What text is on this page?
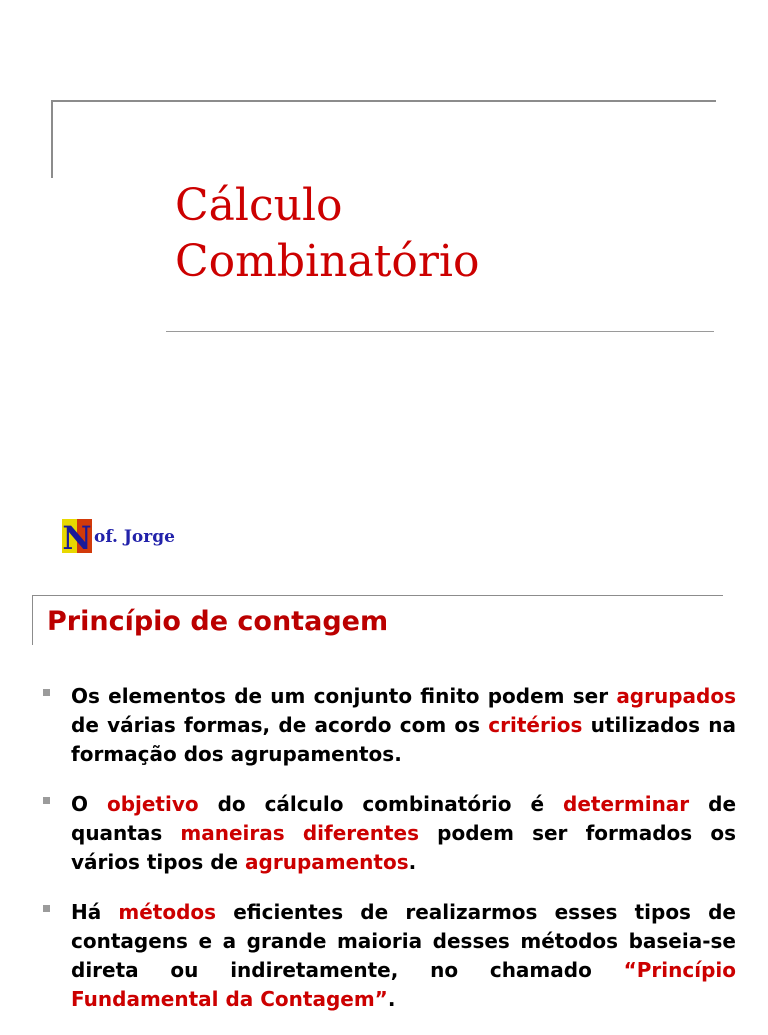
Cálculo
Combinatório
N of. Jorge
Princípio de contagem

Os elementos de um conjunto finito podem ser agrupados de várias formas, de acordo com os critérios utilizados na formação dos agrupamentos.

O objetivo do cálculo combinatório é determinar de quantas maneiras diferentes podem ser formados os vários tipos de agrupamentos.

Há métodos eficientes de realizarmos esses tipos de contagens e a grande maioria desses métodos baseia-se direta ou indiretamente, no chamado “Princípio Fundamental da Contagem”.
